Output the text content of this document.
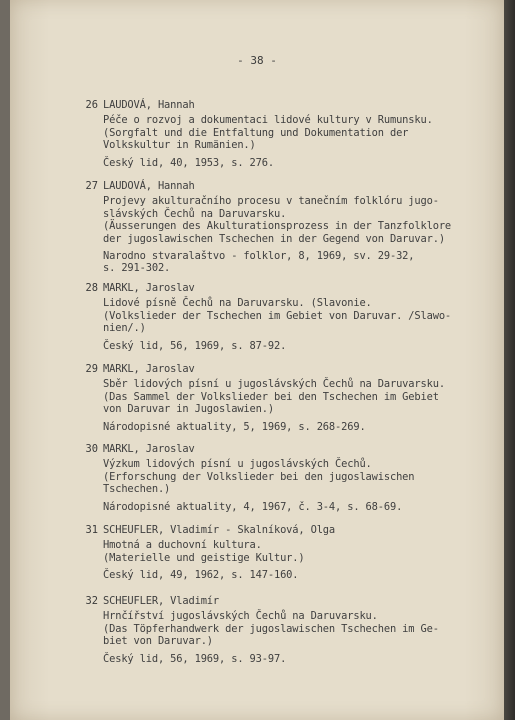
- 38 -
26 LAUDOVÁ, Hannah
Péče o rozvoj a dokumentaci lidové kultury v Rumunsku.
(Sorgfalt und die Entfaltung und Dokumentation der
Volkskultur in Rumänien.)
Český lid, 40, 1953, s. 276.
27 LAUDOVÁ, Hannah
Projevy akulturačního procesu v tanečním folklóru jugo-
slávských Čechů na Daruvarsku.
(Äusserungen des Akulturationsprozess in der Tanzfolklore
der jugoslawischen Tschechen in der Gegend von Daruvar.)
Narodno stvaralaštvo - folklor, 8, 1969, sv. 29-32,
s. 291-302.
28 MARKL, Jaroslav
Lidové písně Čechů na Daruvarsku. (Slavonie.
(Volkslieder der Tschechen im Gebiet von Daruvar. /Slawo-
nien/.)
Český lid, 56, 1969, s. 87-92.
29 MARKL, Jaroslav
Sběr lidových písní u jugoslávských Čechů na Daruvarsku.
(Das Sammel der Volkslieder bei den Tschechen im Gebiet
von Daruvar in Jugoslawien.)
Národopisné aktuality, 5, 1969, s. 268-269.
30 MARKL, Jaroslav
Výzkum lidových písní u jugoslávských Čechů.
(Erforschung der Volkslieder bei den jugoslawischen
Tschechen.)
Národopisné aktuality, 4, 1967, č. 3-4, s. 68-69.
31 SCHEUFLER, Vladimír - Skalníková, Olga
Hmotná a duchovní kultura.
(Materielle und geistige Kultur.)
Český lid, 49, 1962, s. 147-160.
32 SCHEUFLER, Vladimír
Hrnčířství jugoslávských Čechů na Daruvarsku.
(Das Töpferhandwerk der jugoslawischen Tschechen im Ge-
biet von Daruvar.)
Český lid, 56, 1969, s. 93-97.
